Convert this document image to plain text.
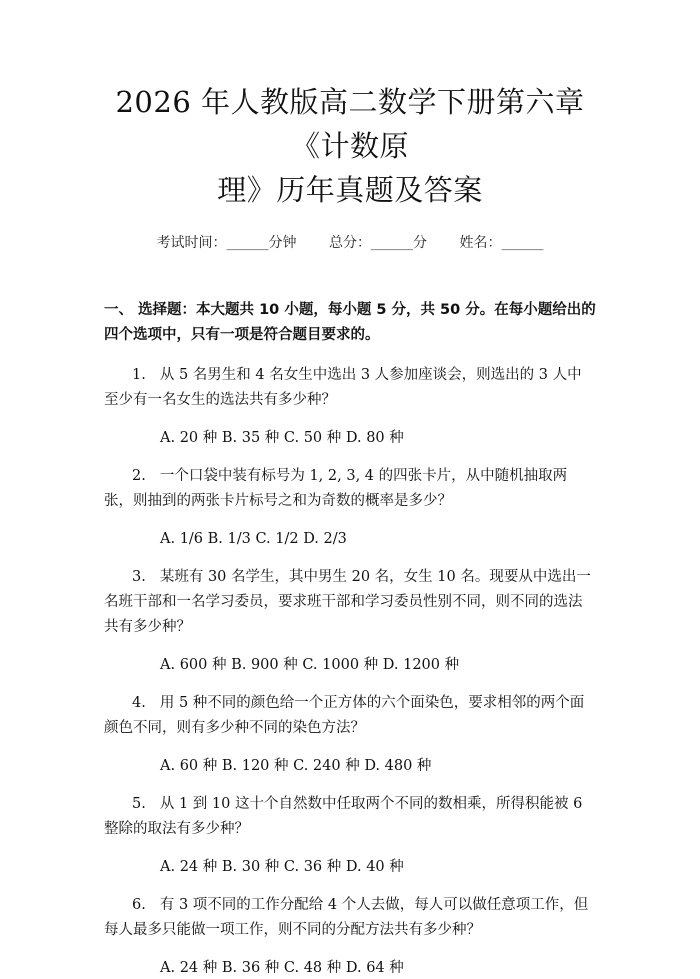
2026 年人教版高二数学下册第六章《计数原
理》历年真题及答案
考试时间：______分钟 总分：______分 姓名：______
一、 选择题：本大题共 10 小题，每小题 5 分，共 50 分。在每小题给出的四个选项中，只有一项是符合题目要求的。
1. 从 5 名男生和 4 名女生中选出 3 人参加座谈会，则选出的 3 人中至少有一名女生的选法共有多少种？
A. 20 种 B. 35 种 C. 50 种 D. 80 种
2. 一个口袋中装有标号为 1, 2, 3, 4 的四张卡片，从中随机抽取两张，则抽到的两张卡片标号之和为奇数的概率是多少？
A. 1/6 B. 1/3 C. 1/2 D. 2/3
3. 某班有 30 名学生，其中男生 20 名，女生 10 名。现要从中选出一名班干部和一名学习委员，要求班干部和学习委员性别不同，则不同的选法共有多少种？
A. 600 种 B. 900 种 C. 1000 种 D. 1200 种
4. 用 5 种不同的颜色给一个正方体的六个面染色，要求相邻的两个面颜色不同，则有多少种不同的染色方法？
A. 60 种 B. 120 种 C. 240 种 D. 480 种
5. 从 1 到 10 这十个自然数中任取两个不同的数相乘，所得积能被 6 整除的取法有多少种？
A. 24 种 B. 30 种 C. 36 种 D. 40 种
6. 有 3 项不同的工作分配给 4 个人去做，每人可以做任意项工作，但每人最多只能做一项工作，则不同的分配方法共有多少种？
A. 24 种 B. 36 种 C. 48 种 D. 64 种
